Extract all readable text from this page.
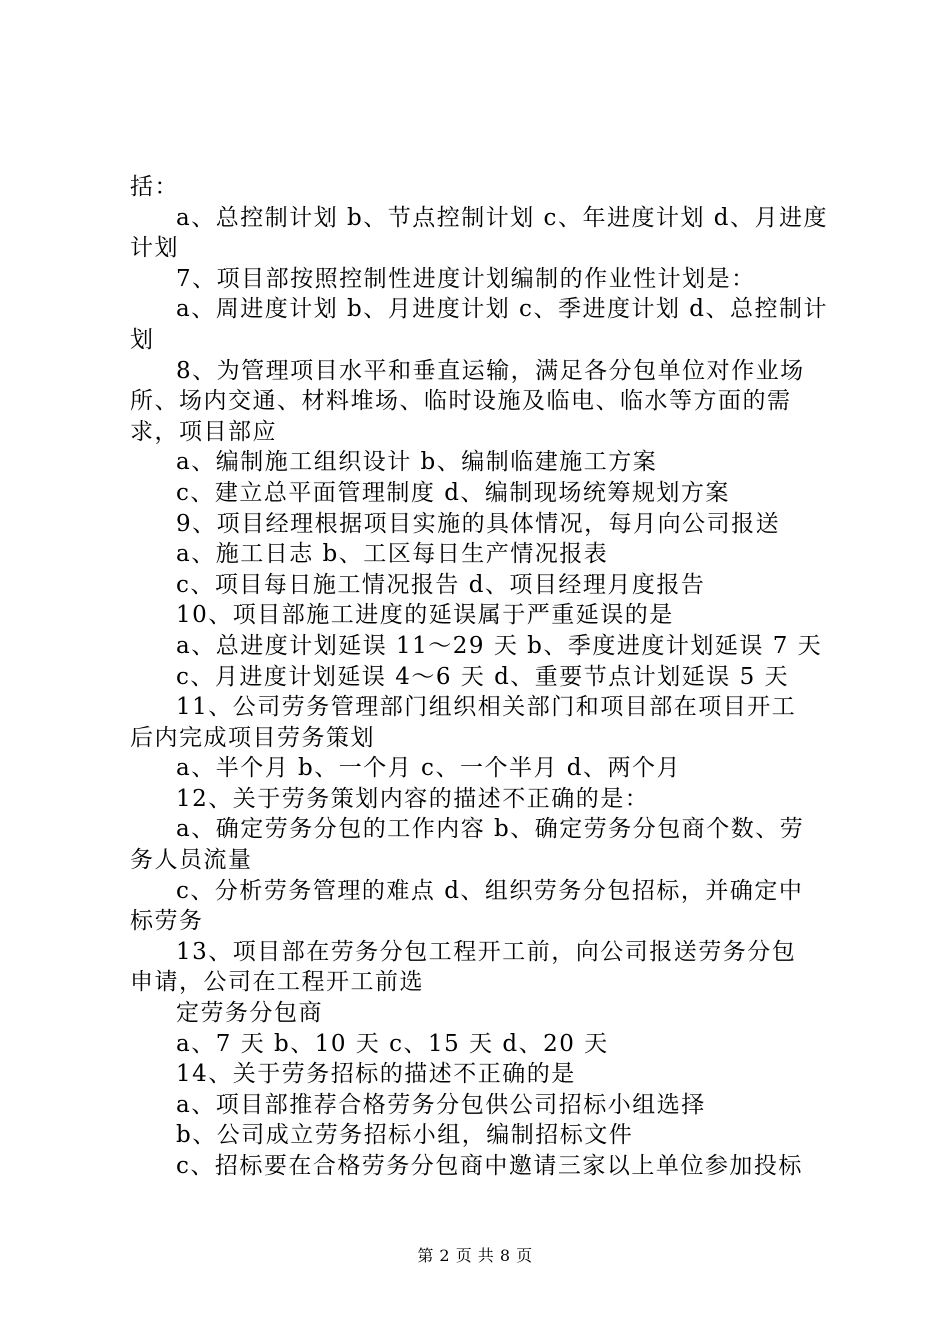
括：
a、总控制计划 b、节点控制计划 c、年进度计划 d、月进度
计划
7、项目部按照控制性进度计划编制的作业性计划是：
a、周进度计划 b、月进度计划 c、季进度计划 d、总控制计
划
8、为管理项目水平和垂直运输，满足各分包单位对作业场
所、场内交通、材料堆场、临时设施及临电、临水等方面的需
求，项目部应
a、编制施工组织设计 b、编制临建施工方案
c、建立总平面管理制度 d、编制现场统筹规划方案
9、项目经理根据项目实施的具体情况，每月向公司报送
a、施工日志 b、工区每日生产情况报表
c、项目每日施工情况报告 d、项目经理月度报告
10、项目部施工进度的延误属于严重延误的是
a、总进度计划延误 11～29 天 b、季度进度计划延误 7 天
c、月进度计划延误 4～6 天 d、重要节点计划延误 5 天
11、公司劳务管理部门组织相关部门和项目部在项目开工
后内完成项目劳务策划
a、半个月 b、一个月 c、一个半月 d、两个月
12、关于劳务策划内容的描述不正确的是：
a、确定劳务分包的工作内容 b、确定劳务分包商个数、劳
务人员流量
c、分析劳务管理的难点 d、组织劳务分包招标，并确定中
标劳务
13、项目部在劳务分包工程开工前，向公司报送劳务分包
申请，公司在工程开工前选
定劳务分包商
a、7 天 b、10 天 c、15 天 d、20 天
14、关于劳务招标的描述不正确的是
a、项目部推荐合格劳务分包供公司招标小组选择
b、公司成立劳务招标小组，编制招标文件
c、招标要在合格劳务分包商中邀请三家以上单位参加投标
第 2 页 共 8 页
